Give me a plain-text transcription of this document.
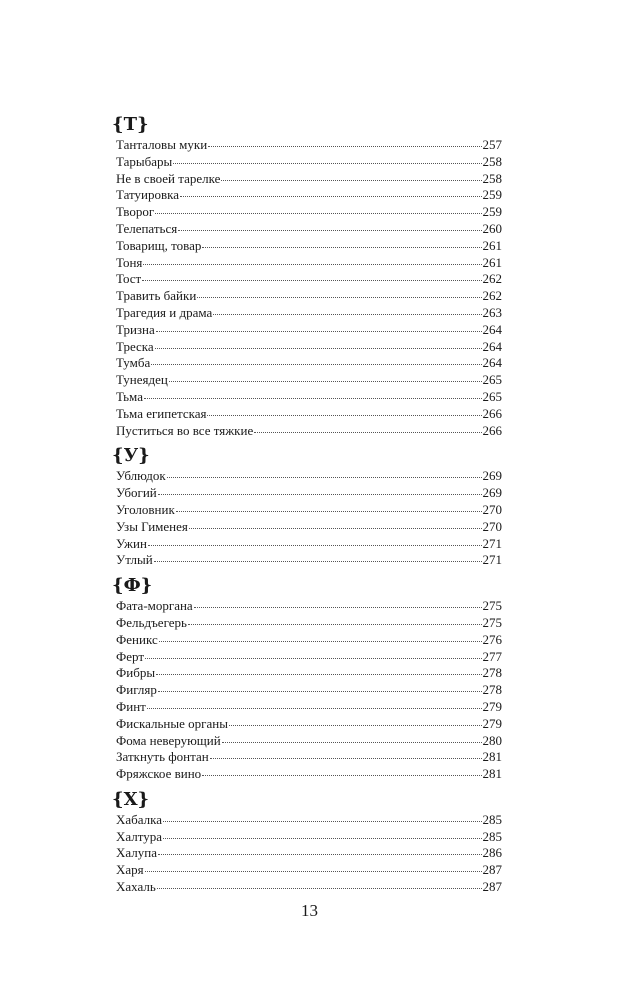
{Т}
Танталовы муки	257
Тарыбары	258
Не в своей тарелке	258
Татуировка	259
Творог	259
Телепаться	260
Товарищ, товар	261
Тоня	261
Тост	262
Травить байки	262
Трагедия и драма	263
Тризна	264
Треска	264
Тумба	264
Тунеядец	265
Тьма	265
Тьма египетская	266
Пуститься во все тяжкие	266
{У}
Ублюдок	269
Убогий	269
Уголовник	270
Узы Гименея	270
Ужин	271
Утлый	271
{Ф}
Фата-моргана	275
Фельдъегерь	275
Феникс	276
Ферт	277
Фибры	278
Фигляр	278
Финт	279
Фискальные органы	279
Фома неверующий	280
Заткнуть фонтан	281
Фряжское вино	281
{Х}
Хабалка	285
Халтура	285
Халупа	286
Харя	287
Хахаль	287
13
